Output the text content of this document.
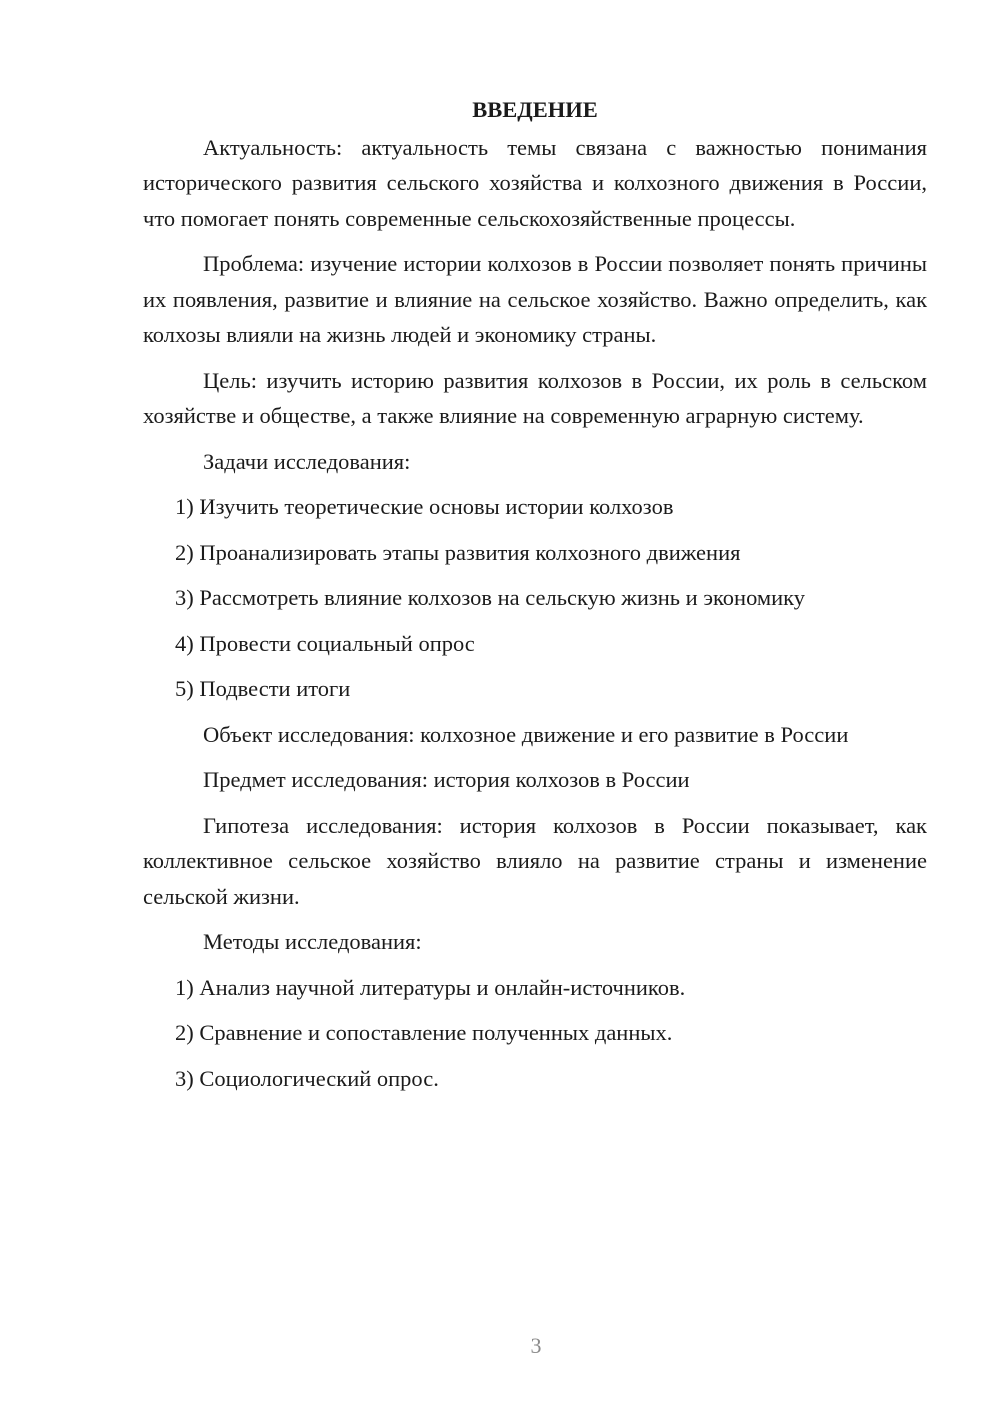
ВВЕДЕНИЕ

Актуальность: актуальность темы связана с важностью понимания исторического развития сельского хозяйства и колхозного движения в России, что помогает понять современные сельскохозяйственные процессы.

Проблема: изучение истории колхозов в России позволяет понять причины их появления, развитие и влияние на сельское хозяйство. Важно определить, как колхозы влияли на жизнь людей и экономику страны.

Цель: изучить историю развития колхозов в России, их роль в сельском хозяйстве и обществе, а также влияние на современную аграрную систему.

Задачи исследования:

1) Изучить теоретические основы истории колхозов
2) Проанализировать этапы развития колхозного движения
3) Рассмотреть влияние колхозов на сельскую жизнь и экономику
4) Провести социальный опрос
5) Подвести итоги

Объект исследования: колхозное движение и его развитие в России

Предмет исследования: история колхозов в России

Гипотеза исследования: история колхозов в России показывает, как коллективное сельское хозяйство влияло на развитие страны и изменение сельской жизни.

Методы исследования:

1) Анализ научной литературы и онлайн-источников.
2) Сравнение и сопоставление полученных данных.
3) Социологический опрос.
3
